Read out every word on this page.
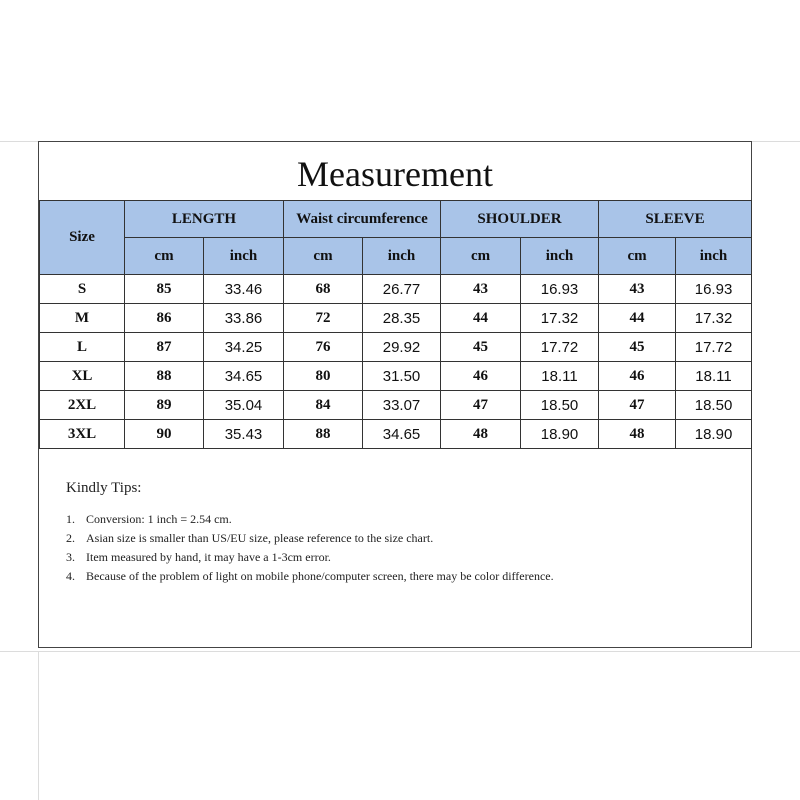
Measurement
Size	LENGTH		Waist circumference		SHOULDER		SLEEVE	
	cm	inch	cm	inch	cm	inch	cm	inch
S	85	33.46	68	26.77	43	16.93	43	16.93
M	86	33.86	72	28.35	44	17.32	44	17.32
L	87	34.25	76	29.92	45	17.72	45	17.72
XL	88	34.65	80	31.50	46	18.11	46	18.11
2XL	89	35.04	84	33.07	47	18.50	47	18.50
3XL	90	35.43	88	34.65	48	18.90	48	18.90
Kindly Tips:
1. Conversion: 1 inch = 2.54 cm.
2. Asian size is smaller than US/EU size, please reference to the size chart.
3. Item measured by hand, it may have a 1-3cm error.
4. Because of the problem of light on mobile phone/computer screen, there may be color difference.
